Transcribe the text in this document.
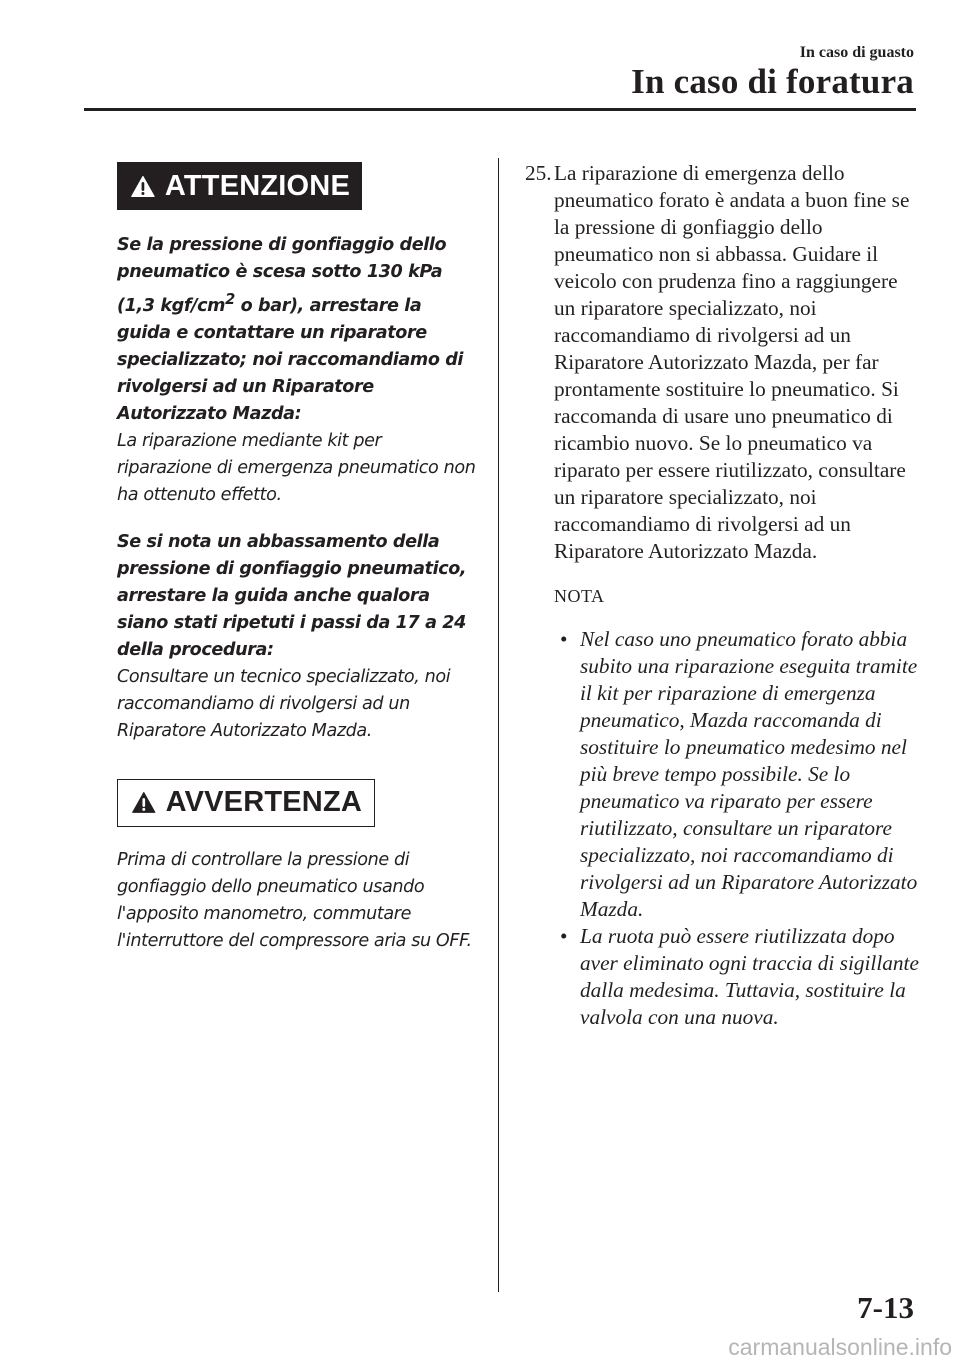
In caso di guasto
In caso di foratura
ATTENZIONE

Se la pressione di gonfiaggio dello pneumatico è scesa sotto 130 kPa (1,3 kgf/$cm^2$ o bar), arrestare la guida e contattare un riparatore specializzato; noi raccomandiamo di rivolgersi ad un Riparatore Autorizzato Mazda:
La riparazione mediante kit per riparazione di emergenza pneumatico non ha ottenuto effetto.

Se si nota un abbassamento della pressione di gonfiaggio pneumatico, arrestare la guida anche qualora siano stati ripetuti i passi da 17 a 24 della procedura:
Consultare un tecnico specializzato, noi raccomandiamo di rivolgersi ad un Riparatore Autorizzato Mazda.

AVVERTENZA

Prima di controllare la pressione di gonfiaggio dello pneumatico usando l'apposito manometro, commutare l'interruttore del compressore aria su OFF.

25. La riparazione di emergenza dello pneumatico forato è andata a buon fine se la pressione di gonfiaggio dello pneumatico non si abbassa. Guidare il veicolo con prudenza fino a raggiungere un riparatore specializzato, noi raccomandiamo di rivolgersi ad un Riparatore Autorizzato Mazda, per far prontamente sostituire lo pneumatico. Si raccomanda di usare uno pneumatico di ricambio nuovo. Se lo pneumatico va riparato per essere riutilizzato, consultare un riparatore specializzato, noi raccomandiamo di rivolgersi ad un Riparatore Autorizzato Mazda.
NOTA
• Nel caso uno pneumatico forato abbia subito una riparazione eseguita tramite il kit per riparazione di emergenza pneumatico, Mazda raccomanda di sostituire lo pneumatico medesimo nel più breve tempo possibile. Se lo pneumatico va riparato per essere riutilizzato, consultare un riparatore specializzato, noi raccomandiamo di rivolgersi ad un Riparatore Autorizzato Mazda.
• La ruota può essere riutilizzata dopo aver eliminato ogni traccia di sigillante dalla medesima. Tuttavia, sostituire la valvola con una nuova.
7-13
carmanualsonline.info
